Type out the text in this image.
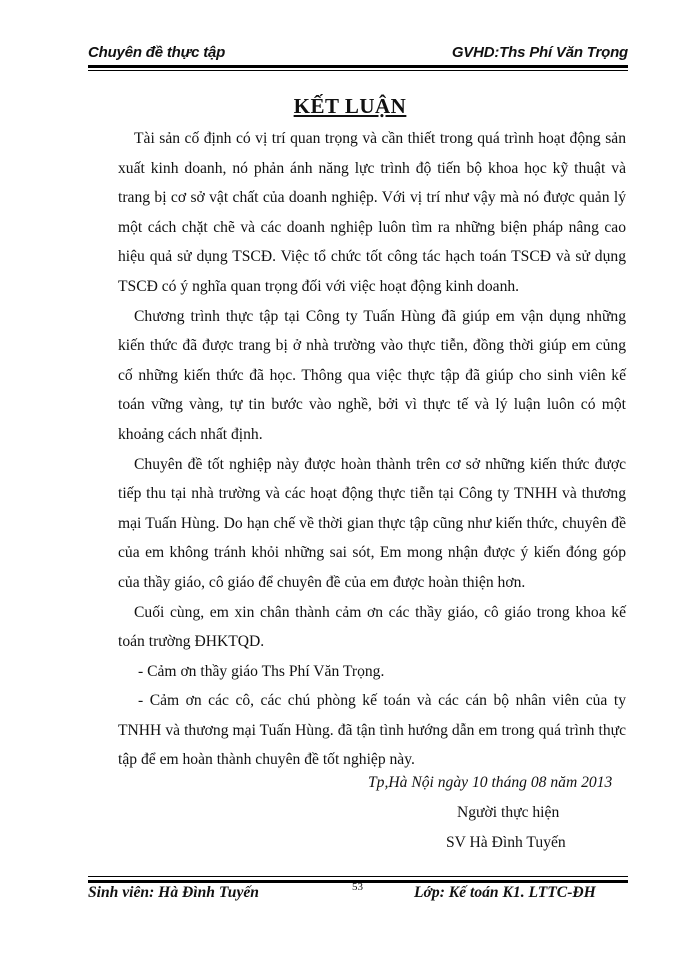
Chuyên đề thực tập	GVHD:Ths Phí Văn Trọng
KẾT LUẬN

Tài sản cố định có vị trí quan trọng và cần thiết trong quá trình hoạt động sản xuất kinh doanh, nó phản ánh năng lực trình độ tiến bộ khoa học kỹ thuật và trang bị cơ sở vật chất của doanh nghiệp. Với vị trí như vậy mà nó được quản lý một cách chặt chẽ và các doanh nghiệp luôn tìm ra những biện pháp nâng cao hiệu quả sử dụng TSCĐ. Việc tổ chức tốt công tác hạch toán TSCĐ và sử dụng TSCĐ có ý nghĩa quan trọng đối với việc hoạt động kinh doanh.

Chương trình thực tập tại Công ty Tuấn Hùng đã giúp em vận dụng những kiến thức đã được trang bị ở nhà trường vào thực tiễn, đồng thời giúp em củng cố những kiến thức đã học. Thông qua việc thực tập đã giúp cho sinh viên kế toán vững vàng, tự tin bước vào nghề, bởi vì thực tế và lý luận luôn có một khoảng cách nhất định.

Chuyên đề tốt nghiệp này được hoàn thành trên cơ sở những kiến thức được tiếp thu tại nhà trường và các hoạt động thực tiễn tại Công ty TNHH và thương mại Tuấn Hùng. Do hạn chế về thời gian thực tập cũng như kiến thức, chuyên đề của em không tránh khỏi những sai sót, Em mong nhận được ý kiến đóng góp của thầy giáo, cô giáo để chuyên đề của em được hoàn thiện hơn.

Cuối cùng, em xin chân thành cảm ơn các thầy giáo, cô giáo trong khoa kế toán trường ĐHKTQD.

- Cảm ơn thầy giáo Ths Phí Văn Trọng.

- Cảm ơn các cô, các chú phòng kế toán và các cán bộ nhân viên của ty TNHH và thương mại Tuấn Hùng. đã tận tình hướng dẫn em trong quá trình thực tập để em hoàn thành chuyên đề tốt nghiệp này.

Tp,Hà Nội ngày 10 tháng 08 năm 2013
Người thực hiện
SV Hà Đình Tuyến
Sinh viên: Hà Đình Tuyến	53	Lớp: Kế toán K1. LTTC-ĐH
